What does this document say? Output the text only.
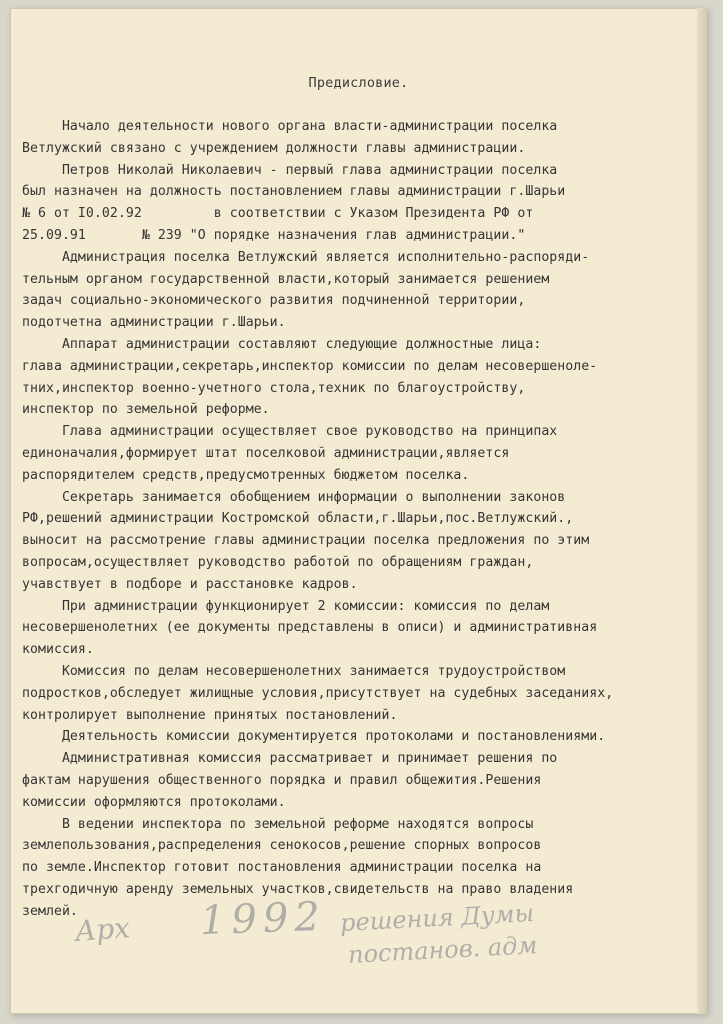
Предисловие.
Начало деятельности нового органа власти-администрации поселка
Ветлужский связано с учреждением должности главы администрации.
Петров Николай Николаевич - первый глава администрации поселка
был назначен на должность постановлением главы администрации г.Шарьи
№ 6 от I0.02.92         в соответствии с Указом Президента РФ от
25.09.91       № 239 "О порядке назначения глав администрации."
Администрация поселка Ветлужский является исполнительно-распоряди-
тельным органом государственной власти,который занимается решением
задач социально-экономического развития подчиненной территории,
подотчетна администрации г.Шарьи.
Аппарат администрации составляют следующие должностные лица:
глава администрации,секретарь,инспектор комиссии по делам несовершеноле-
тних,инспектор военно-учетного стола,техник по благоустройству,
инспектор по земельной реформе.
Глава администрации осуществляет свое руководство на принципах
единоначалия,формирует штат поселковой администрации,является
распорядителем средств,предусмотренных бюджетом поселка.
Секретарь занимается обобщением информации о выполнении законов
РФ,решений администрации Костромской области,г.Шарьи,пос.Ветлужский.,
выносит на рассмотрение главы администрации поселка предложения по этим
вопросам,осуществляет руководство работой по обращениям граждан,
учавствует в подборе и расстановке кадров.
При администрации функционирует 2 комиссии: комиссия по делам
несовершенолетних (ее документы представлены в описи) и административная
комиссия.
Комиссия по делам несовершенолетних занимается трудоустройством
подростков,обследует жилищные условия,присутствует на судебных заседаниях,
контролирует выполнение принятых постановлений.
Деятельность комиссии документируется протоколами и постановлениями.
Административная комиссия рассматривает и принимает решения по
фактам нарушения общественного порядка и правил общежития.Решения
комиссии оформляются протоколами.
В ведении инспектора по земельной реформе находятся вопросы
землепользования,распределения сенокосов,решение спорных вопросов
по земле.Инспектор готовит постановления администрации поселка на
трехгодичную аренду земельных участков,свидетельств на право владения
землей.
Арх 1992 решения Думы
постанов. адм
